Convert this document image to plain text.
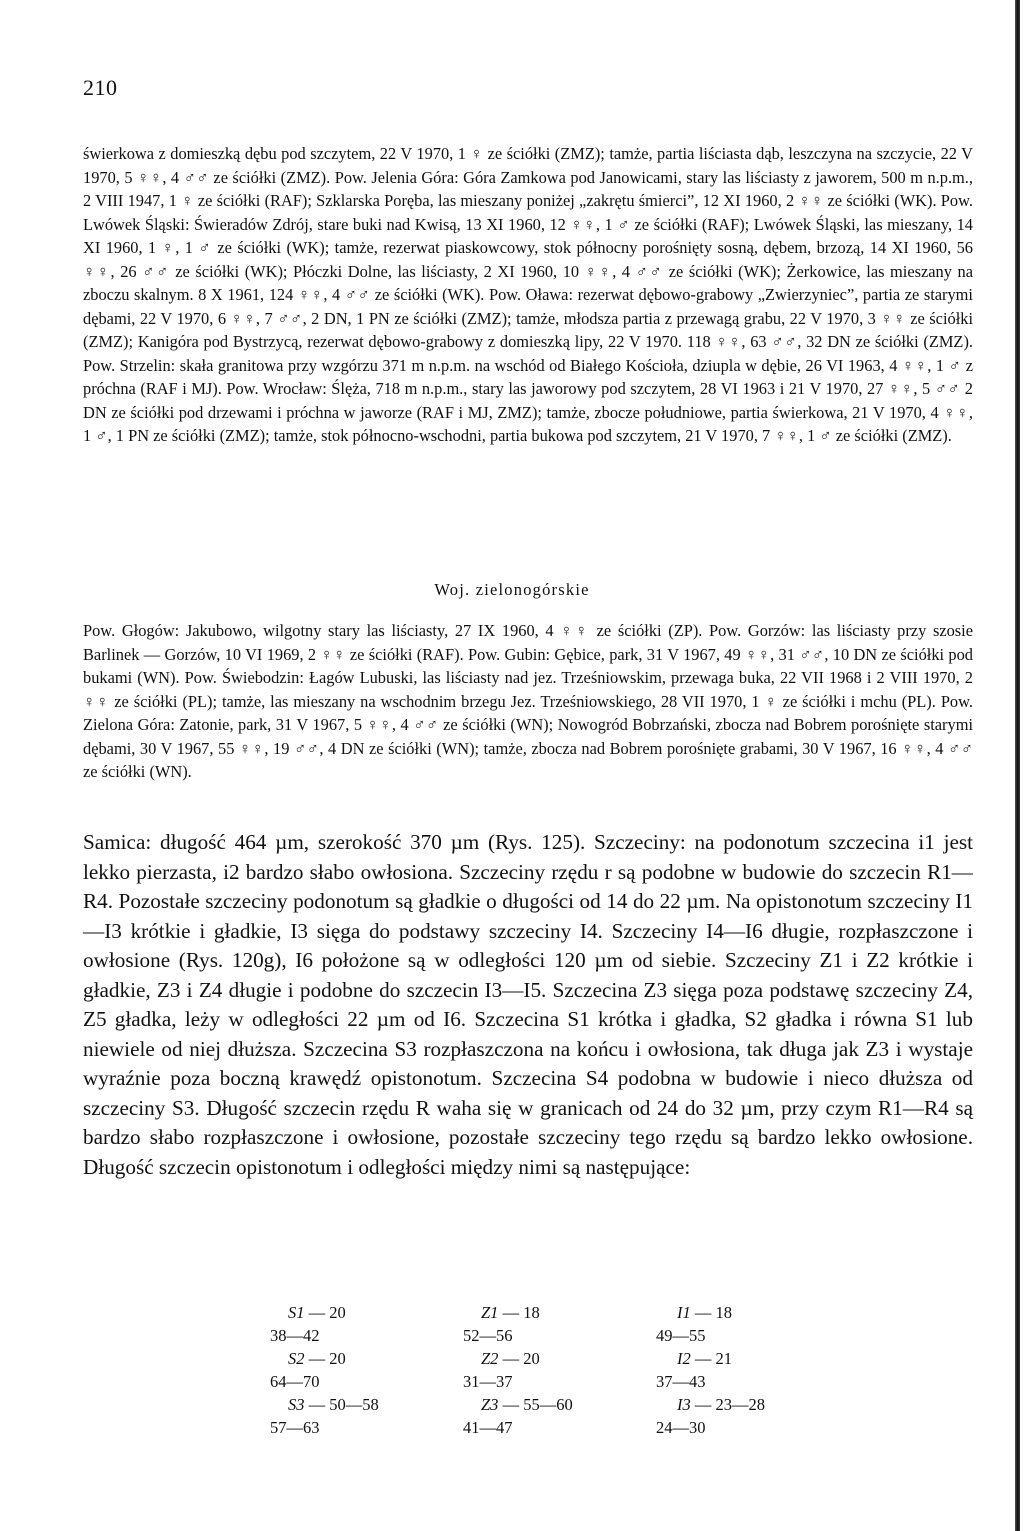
210
świerkowa z domieszką dębu pod szczytem, 22 V 1970, 1 ♀ ze ściółki (ZMZ); tamże, partia liściasta dąb, leszczyna na szczycie, 22 V 1970, 5 ♀♀, 4 ♂♂ ze ściółki (ZMZ). Pow. Jelenia Góra: Góra Zamkowa pod Janowicami, stary las liściasty z jaworem, 500 m n.p.m., 2 VIII 1947, 1 ♀ ze ściółki (RAF); Szklarska Poręba, las mieszany poniżej „zakrętu śmierci”, 12 XI 1960, 2 ♀♀ ze ściółki (WK). Pow. Lwówek Śląski: Świeradów Zdrój, stare buki nad Kwisą, 13 XI 1960, 12 ♀♀, 1 ♂ ze ściółki (RAF); Lwówek Śląski, las mieszany, 14 XI 1960, 1 ♀, 1 ♂ ze ściółki (WK); tamże, rezerwat piaskowcowy, stok północny porośnięty sosną, dębem, brzozą, 14 XI 1960, 56 ♀♀, 26 ♂♂ ze ściółki (WK); Płóczki Dolne, las liściasty, 2 XI 1960, 10 ♀♀, 4 ♂♂ ze ściółki (WK); Żerkowice, las mieszany na zboczu skalnym. 8 X 1961, 124 ♀♀, 4 ♂♂ ze ściółki (WK). Pow. Oława: rezerwat dębowo-grabowy „Zwierzyniec”, partia ze starymi dębami, 22 V 1970, 6 ♀♀, 7 ♂♂, 2 DN, 1 PN ze ściółki (ZMZ); tamże, młodsza partia z przewagą grabu, 22 V 1970, 3 ♀♀ ze ściółki (ZMZ); Kanigóra pod Bystrzycą, rezerwat dębowo-grabowy z domieszką lipy, 22 V 1970. 118 ♀♀, 63 ♂♂, 32 DN ze ściółki (ZMZ). Pow. Strzelin: skała granitowa przy wzgórzu 371 m n.p.m. na wschód od Białego Kościoła, dziupla w dębie, 26 VI 1963, 4 ♀♀, 1 ♂ z próchna (RAF i MJ). Pow. Wrocław: Ślęża, 718 m n.p.m., stary las jaworowy pod szczytem, 28 VI 1963 i 21 V 1970, 27 ♀♀, 5 ♂♂ 2 DN ze ściółki pod drzewami i próchna w jaworze (RAF i MJ, ZMZ); tamże, zbocze południowe, partia świerkowa, 21 V 1970, 4 ♀♀, 1 ♂, 1 PN ze ściółki (ZMZ); tamże, stok północno-wschodni, partia bukowa pod szczytem, 21 V 1970, 7 ♀♀, 1 ♂ ze ściółki (ZMZ).
Woj. zielonogórskie
Pow. Głogów: Jakubowo, wilgotny stary las liściasty, 27 IX 1960, 4 ♀♀ ze ściółki (ZP). Pow. Gorzów: las liściasty przy szosie Barlinek — Gorzów, 10 VI 1969, 2 ♀♀ ze ściółki (RAF). Pow. Gubin: Gębice, park, 31 V 1967, 49 ♀♀, 31 ♂♂, 10 DN ze ściółki pod bukami (WN). Pow. Świebodzin: Łagów Lubuski, las liściasty nad jez. Trześniowskim, przewaga buka, 22 VII 1968 i 2 VIII 1970, 2 ♀♀ ze ściółki (PL); tamże, las mieszany na wschodnim brzegu Jez. Trześniowskiego, 28 VII 1970, 1 ♀ ze ściółki i mchu (PL). Pow. Zielona Góra: Zatonie, park, 31 V 1967, 5 ♀♀, 4 ♂♂ ze ściółki (WN); Nowogród Bobrzański, zbocza nad Bobrem porośnięte starymi dębami, 30 V 1967, 55 ♀♀, 19 ♂♂, 4 DN ze ściółki (WN); tamże, zbocza nad Bobrem porośnięte grabami, 30 V 1967, 16 ♀♀, 4 ♂♂ ze ściółki (WN).
Samica: długość 464 µm, szerokość 370 µm (Rys. 125). Szczeciny: na podonotum szczecina i1 jest lekko pierzasta, i2 bardzo słabo owłosiona. Szczeciny rzędu r są podobne w budowie do szczecin R1—R4. Pozostałe szczeciny podonotum są gładkie o długości od 14 do 22 µm. Na opistonotum szczeciny I1—I3 krótkie i gładkie, I3 sięga do podstawy szczeciny I4. Szczeciny I4—I6 długie, rozpłaszczone i owłosione (Rys. 120g), I6 położone są w odległości 120 µm od siebie. Szczeciny Z1 i Z2 krótkie i gładkie, Z3 i Z4 długie i podobne do szczecin I3—I5. Szczecina Z3 sięga poza podstawę szczeciny Z4, Z5 gładka, leży w odległości 22 µm od I6. Szczecina S1 krótka i gładka, S2 gładka i równa S1 lub niewiele od niej dłuższa. Szczecina S3 rozpłaszczona na końcu i owłosiona, tak długa jak Z3 i wystaje wyraźnie poza boczną krawędź opistonotum. Szczecina S4 podobna w budowie i nieco dłuższa od szczeciny S3. Długość szczecin rzędu R waha się w granicach od 24 do 32 µm, przy czym R1—R4 są bardzo słabo rozpłaszczone i owłosione, pozostałe szczeciny tego rzędu są bardzo lekko owłosione. Długość szczecin opistonotum i odległości między nimi są następujące:
S1 — 20
38—42
S2 — 20
64—70
S3 — 50—58
57—63
Z1 — 18
52—56
Z2 — 20
31—37
Z3 — 55—60
41—47
I1 — 18
49—55
I2 — 21
37—43
I3 — 23—28
24—30
